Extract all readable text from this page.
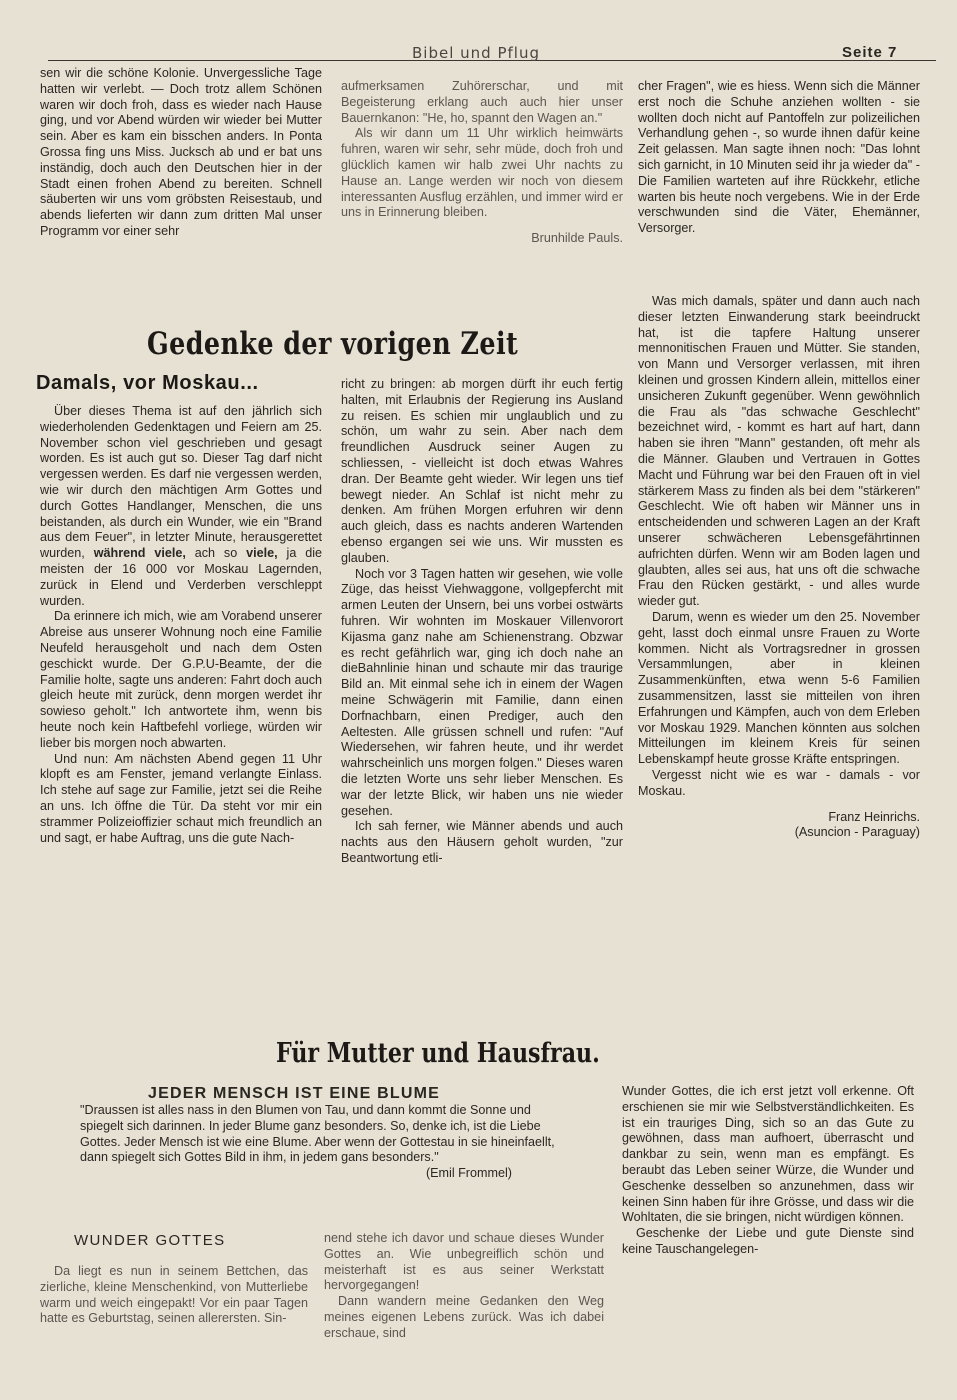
Bibel und Pflug	Seite 7

sen wir die schöne Kolonie. Unvergessliche Tage hatten wir verlebt. — Doch trotz allem Schönen waren wir doch froh, dass es wieder nach Hause ging, und vor Abend würden wir wieder bei Mutter sein. Aber es kam ein bisschen anders. In Ponta Grossa fing uns Miss. Jucksch ab und er bat uns inständig, doch auch den Deutschen hier in der Stadt einen frohen Abend zu bereiten. Schnell säuberten wir uns vom gröbsten Reisestaub, und abends lieferten wir dann zum dritten Mal unser Programm vor einer sehr

aufmerksamen Zuhörerschar, und mit Begeisterung erklang auch auch hier unser Bauernkanon: "He, ho, spannt den Wagen an."

Als wir dann um 11 Uhr wirklich heimwärts fuhren, waren wir sehr, sehr müde, doch froh und glücklich kamen wir halb zwei Uhr nachts zu Hause an. Lange werden wir noch von diesem interessanten Ausflug erzählen, und immer wird er uns in Erinnerung bleiben.

Brunhilde Pauls.

cher Fragen", wie es hiess. Wenn sich die Männer erst noch die Schuhe anziehen wollten - sie wollten doch nicht auf Pantoffeln zur polizeilichen Verhandlung gehen -, so wurde ihnen dafür keine Zeit gelassen. Man sagte ihnen noch: "Das lohnt sich garnicht, in 10 Minuten seid ihr ja wieder da" - Die Familien warteten auf ihre Rückkehr, etliche warten bis heute noch vergebens. Wie in der Erde verschwunden sind die Väter, Ehemänner, Versorger.

Gedenke der vorigen Zeit
Damals, vor Moskau...

Über dieses Thema ist auf den jährlich sich wiederholenden Gedenktagen und Feiern am 25. November schon viel geschrieben und gesagt worden. Es ist auch gut so. Dieser Tag darf nicht vergessen werden. Es darf nie vergessen werden, wie wir durch den mächtigen Arm Gottes und durch Gottes Handlanger, Menschen, die uns beistanden, als durch ein Wunder, wie ein "Brand aus dem Feuer", in letzter Minute, herausgerettet wurden, während viele, ach so viele, ja die meisten der 16 000 vor Moskau Lagernden, zurück in Elend und Verderben verschleppt wurden.

Da erinnere ich mich, wie am Vorabend unserer Abreise aus unserer Wohnung noch eine Familie Neufeld herausgeholt und nach dem Osten geschickt wurde. Der G.P.U-Beamte, der die Familie holte, sagte uns anderen: Fahrt doch auch gleich heute mit zurück, denn morgen werdet ihr sowieso geholt." Ich antwortete ihm, wenn bis heute noch kein Haftbefehl vorliege, würden wir lieber bis morgen noch abwarten.

Und nun: Am nächsten Abend gegen 11 Uhr klopft es am Fenster, jemand verlangte Einlass. Ich stehe auf sage zur Familie, jetzt sei die Reihe an uns. Ich öffne die Tür. Da steht vor mir ein strammer Polizeioffizier schaut mich freundlich an und sagt, er habe Auftrag, uns die gute Nach-

richt zu bringen: ab morgen dürft ihr euch fertig halten, mit Erlaubnis der Regierung ins Ausland zu reisen. Es schien mir unglaublich und zu schön, um wahr zu sein. Aber nach dem freundlichen Ausdruck seiner Augen zu schliessen, - vielleicht ist doch etwas Wahres dran. Der Beamte geht wieder. Wir legen uns tief bewegt nieder. An Schlaf ist nicht mehr zu denken. Am frühen Morgen erfuhren wir denn auch gleich, dass es nachts anderen Wartenden ebenso ergangen sei wie uns. Wir mussten es glauben.

Noch vor 3 Tagen hatten wir gesehen, wie volle Züge, das heisst Viehwaggone, vollgepfercht mit armen Leuten der Unsern, bei uns vorbei ostwärts fuhren. Wir wohnten im Moskauer Villenvorort Kijasma ganz nahe am Schienenstrang. Obzwar es recht gefährlich war, ging ich doch nahe an dieBahnlinie hinan und schaute mir das traurige Bild an. Mit einmal sehe ich in einem der Wagen meine Schwägerin mit Familie, dann einen Dorfnachbarn, einen Prediger, auch den Aeltesten. Alle grüssen schnell und rufen: "Auf Wiedersehen, wir fahren heute, und ihr werdet wahrscheinlich uns morgen folgen." Dieses waren die letzten Worte uns sehr lieber Menschen. Es war der letzte Blick, wir haben uns nie wieder gesehen.

Ich sah ferner, wie Männer abends und auch nachts aus den Häusern geholt wurden, "zur Beantwortung etli-

Was mich damals, später und dann auch nach dieser letzten Einwanderung stark beeindruckt hat, ist die tapfere Haltung unserer mennonitischen Frauen und Mütter. Sie standen, von Mann und Versorger verlassen, mit ihren kleinen und grossen Kindern allein, mittellos einer unsicheren Zukunft gegenüber. Wenn gewöhnlich die Frau als "das schwache Geschlecht" bezeichnet wird, - kommt es hart auf hart, dann haben sie ihren "Mann" gestanden, oft mehr als die Männer. Glauben und Vertrauen in Gottes Macht und Führung war bei den Frauen oft in viel stärkerem Mass zu finden als bei dem "stärkeren" Geschlecht. Wie oft haben wir Männer uns in entscheidenden und schweren Lagen an der Kraft unserer schwächeren Lebensgefährtinnen aufrichten dürfen. Wenn wir am Boden lagen und glaubten, alles sei aus, hat uns oft die schwache Frau den Rücken gestärkt, - und alles wurde wieder gut.

Darum, wenn es wieder um den 25. November geht, lasst doch einmal unsre Frauen zu Worte kommen. Nicht als Vortragsredner in grossen Versammlungen, aber in kleinen Zusammenkünften, etwa wenn 5-6 Familien zusammensitzen, lasst sie mitteilen von ihren Erfahrungen und Kämpfen, auch von dem Erleben vor Moskau 1929. Manchen könnten aus solchen Mitteilungen im kleinem Kreis für seinen Lebenskampf heute grosse Kräfte entspringen.

Vergesst nicht wie es war - damals - vor Moskau.

Franz Heinrichs.

(Asuncion - Paraguay)

Für Mutter und Hausfrau.
JEDER MENSCH IST EINE BLUME

"Draussen ist alles nass in den Blumen von Tau, und dann kommt die Sonne und spiegelt sich darinnen. In jeder Blume ganz besonders. So, denke ich, ist die Liebe Gottes. Jeder Mensch ist wie eine Blume. Aber wenn der Gottestau in sie hineinfaellt, dann spiegelt sich Gottes Bild in ihm, in jedem gans besonders."

(Emil Frommel)

WUNDER GOTTES

Da liegt es nun in seinem Bettchen, das zierliche, kleine Menschenkind, von Mutterliebe warm und weich eingepakt! Vor ein paar Tagen hatte es Geburtstag, seinen allerersten. Sin-

nend stehe ich davor und schaue dieses Wunder Gottes an. Wie unbegreiflich schön und meisterhaft ist es aus seiner Werkstatt hervorgegangen!

Dann wandern meine Gedanken den Weg meines eigenen Lebens zurück. Was ich dabei erschaue, sind

Wunder Gottes, die ich erst jetzt voll erkenne. Oft erschienen sie mir wie Selbstverständlichkeiten. Es ist ein trauriges Ding, sich so an das Gute zu gewöhnen, dass man aufhoert, überrascht und dankbar zu sein, wenn man es empfängt. Es beraubt das Leben seiner Würze, die Wunder und Geschenke desselben so anzunehmen, dass wir keinen Sinn haben für ihre Grösse, und dass wir die Wohltaten, die sie bringen, nicht würdigen können.

Geschenke der Liebe und gute Dienste sind keine Tauschangelegen-
